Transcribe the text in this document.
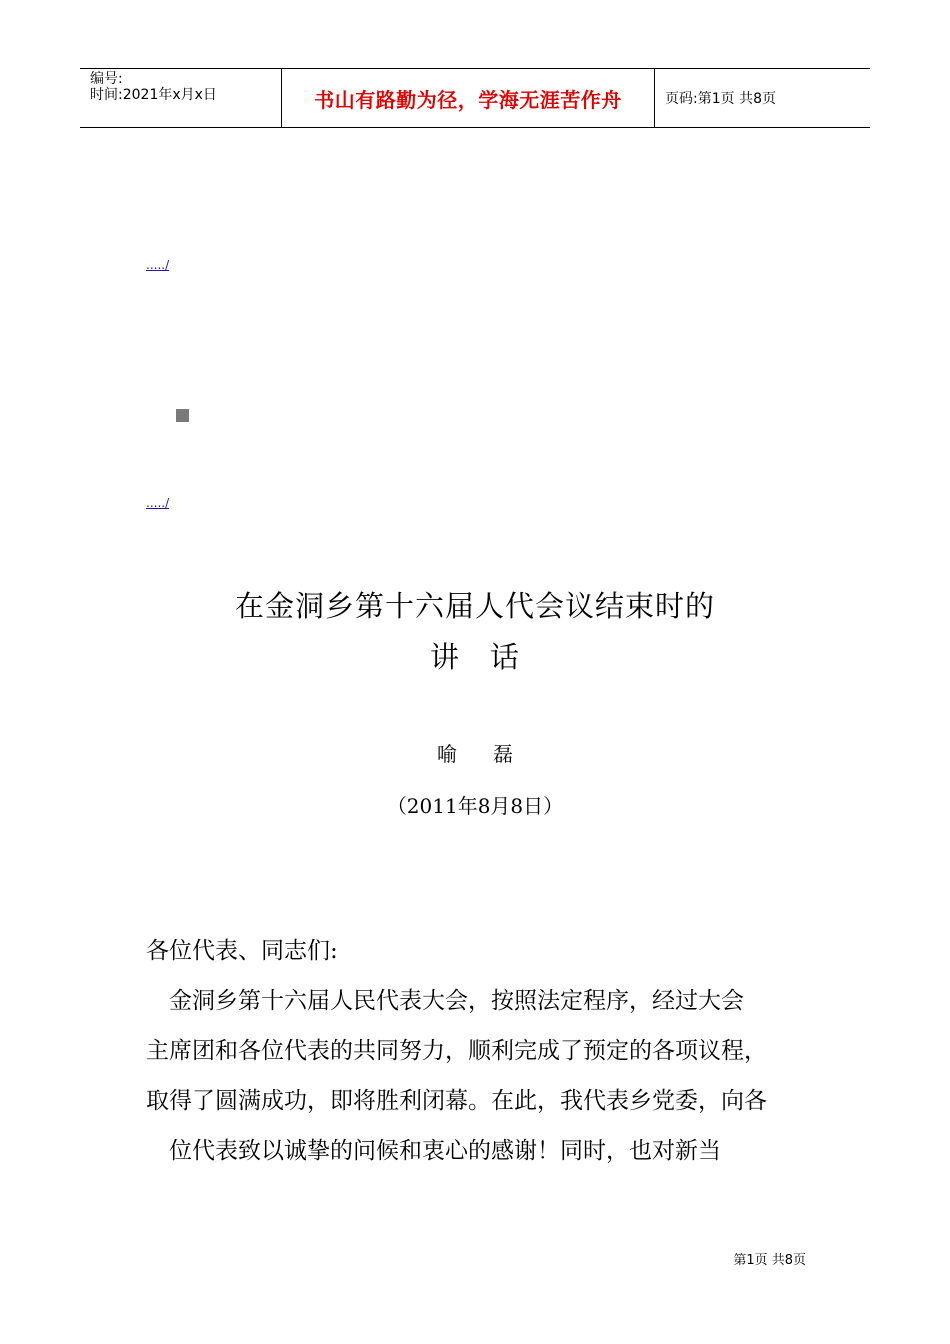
编号:
时间:2021年x月x日	书山有路勤为径，学海无涯苦作舟	页码:第1页 共8页
...../
...../
在金洞乡第十六届人代会议结束时的
讲　话
喻磊
（2011年8月8日）
各位代表、同志们:
　金洞乡第十六届人民代表大会，按照法定程序，经过大会
主席团和各位代表的共同努力，顺利完成了预定的各项议程，
取得了圆满成功，即将胜利闭幕。在此，我代表乡党委，向各
　位代表致以诚挚的问候和衷心的感谢！同时，也对新当
第1页 共8页
